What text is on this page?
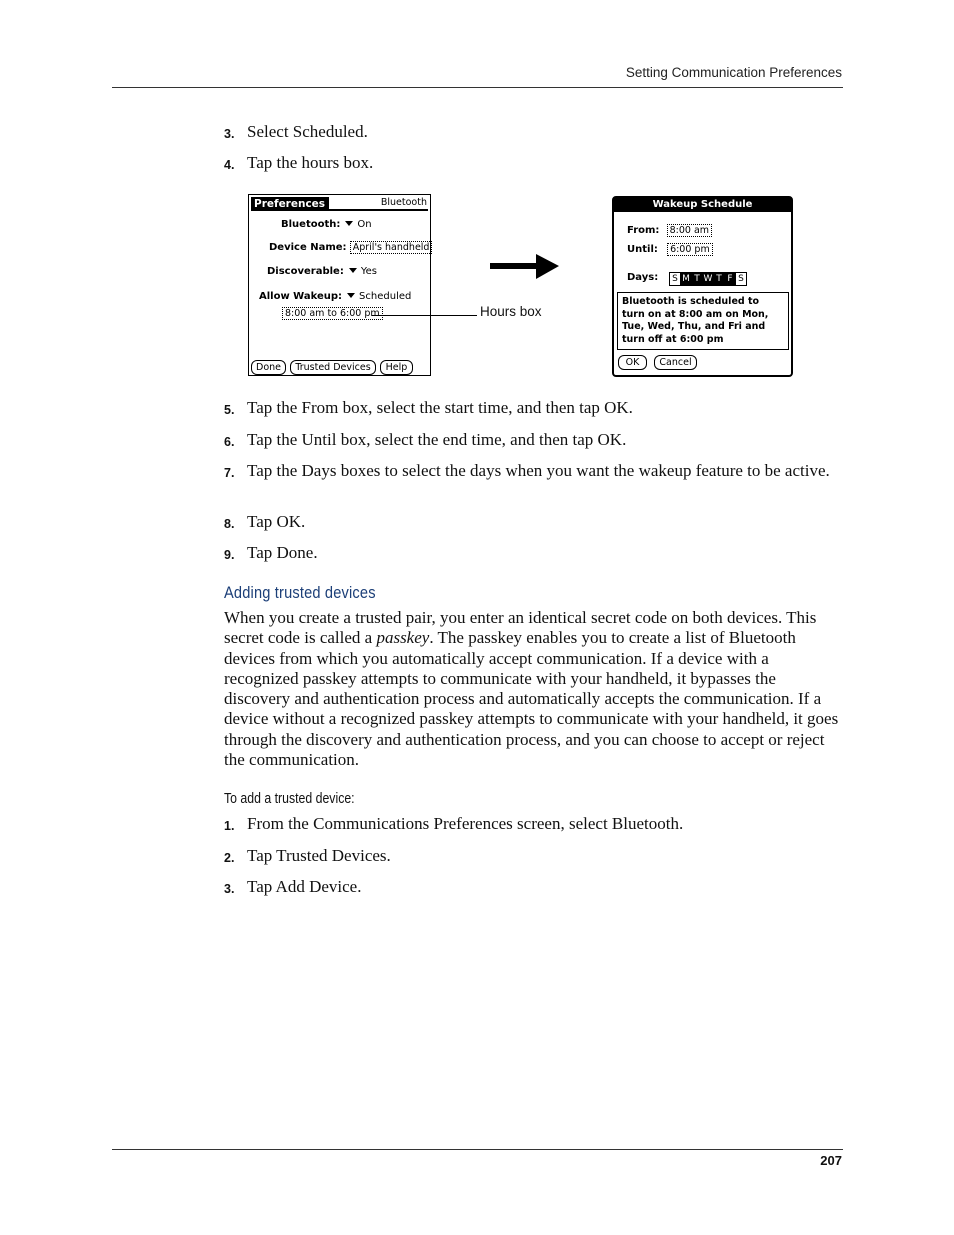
Setting Communication Preferences
3. Select Scheduled.
4. Tap the hours box.
Preferences	Bluetooth
Bluetooth: On
Device Name: April's handheld
Discoverable: Yes
Allow Wakeup: Scheduled
8:00 am to 6:00 pm
Done	Trusted Devices	Help
Hours box
Wakeup Schedule
From: 8:00 am
Until: 6:00 pm
Days: S M T W T F S
Bluetooth is scheduled to turn on at 8:00 am on Mon, Tue, Wed, Thu, and Fri and turn off at 6:00 pm
OK	Cancel
5. Tap the From box, select the start time, and then tap OK.
6. Tap the Until box, select the end time, and then tap OK.
7. Tap the Days boxes to select the days when you want the wakeup feature to be active.
8. Tap OK.
9. Tap Done.
Adding trusted devices
When you create a trusted pair, you enter an identical secret code on both devices. This secret code is called a passkey. The passkey enables you to create a list of Bluetooth devices from which you automatically accept communication. If a device with a recognized passkey attempts to communicate with your handheld, it bypasses the discovery and authentication process and automatically accepts the communication. If a device without a recognized passkey attempts to communicate with your handheld, it goes through the discovery and authentication process, and you can choose to accept or reject the communication.
To add a trusted device:
1. From the Communications Preferences screen, select Bluetooth.
2. Tap Trusted Devices.
3. Tap Add Device.
207
